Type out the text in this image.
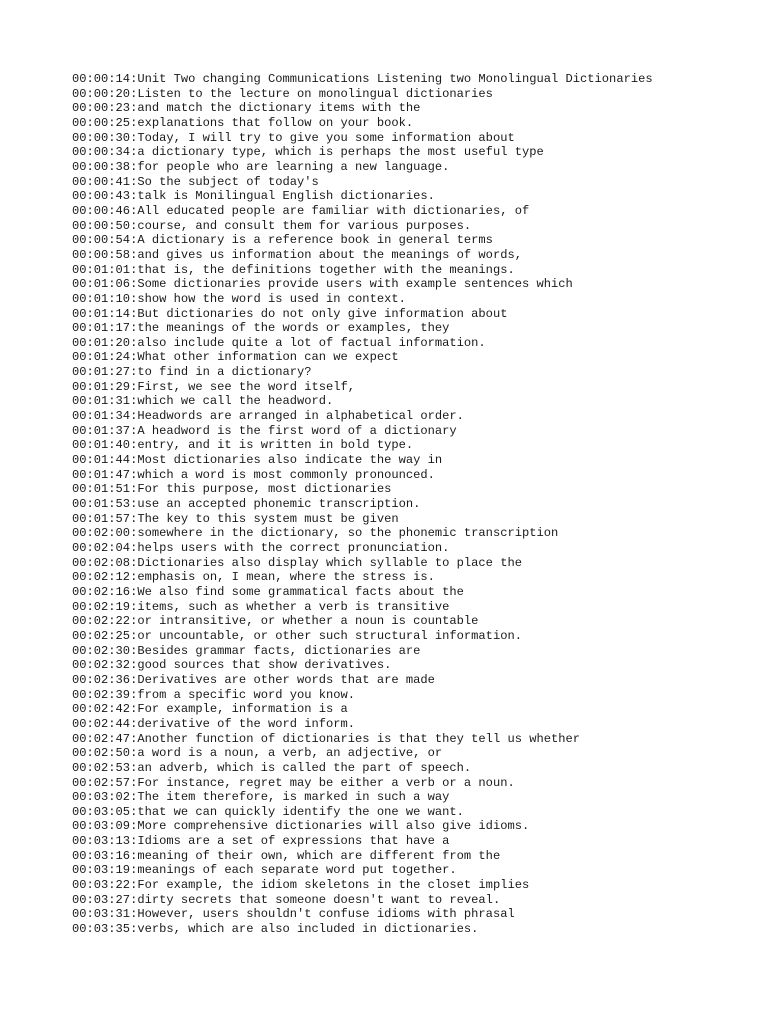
00:00:14:Unit Two changing Communications Listening two Monolingual Dictionaries
00:00:20:Listen to the lecture on monolingual dictionaries
00:00:23:and match the dictionary items with the
00:00:25:explanations that follow on your book.
00:00:30:Today, I will try to give you some information about
00:00:34:a dictionary type, which is perhaps the most useful type
00:00:38:for people who are learning a new language.
00:00:41:So the subject of today's
00:00:43:talk is Monilingual English dictionaries.
00:00:46:All educated people are familiar with dictionaries, of
00:00:50:course, and consult them for various purposes.
00:00:54:A dictionary is a reference book in general terms
00:00:58:and gives us information about the meanings of words,
00:01:01:that is, the definitions together with the meanings.
00:01:06:Some dictionaries provide users with example sentences which
00:01:10:show how the word is used in context.
00:01:14:But dictionaries do not only give information about
00:01:17:the meanings of the words or examples, they
00:01:20:also include quite a lot of factual information.
00:01:24:What other information can we expect
00:01:27:to find in a dictionary?
00:01:29:First, we see the word itself,
00:01:31:which we call the headword.
00:01:34:Headwords are arranged in alphabetical order.
00:01:37:A headword is the first word of a dictionary
00:01:40:entry, and it is written in bold type.
00:01:44:Most dictionaries also indicate the way in
00:01:47:which a word is most commonly pronounced.
00:01:51:For this purpose, most dictionaries
00:01:53:use an accepted phonemic transcription.
00:01:57:The key to this system must be given
00:02:00:somewhere in the dictionary, so the phonemic transcription
00:02:04:helps users with the correct pronunciation.
00:02:08:Dictionaries also display which syllable to place the
00:02:12:emphasis on, I mean, where the stress is.
00:02:16:We also find some grammatical facts about the
00:02:19:items, such as whether a verb is transitive
00:02:22:or intransitive, or whether a noun is countable
00:02:25:or uncountable, or other such structural information.
00:02:30:Besides grammar facts, dictionaries are
00:02:32:good sources that show derivatives.
00:02:36:Derivatives are other words that are made
00:02:39:from a specific word you know.
00:02:42:For example, information is a
00:02:44:derivative of the word inform.
00:02:47:Another function of dictionaries is that they tell us whether
00:02:50:a word is a noun, a verb, an adjective, or
00:02:53:an adverb, which is called the part of speech.
00:02:57:For instance, regret may be either a verb or a noun.
00:03:02:The item therefore, is marked in such a way
00:03:05:that we can quickly identify the one we want.
00:03:09:More comprehensive dictionaries will also give idioms.
00:03:13:Idioms are a set of expressions that have a
00:03:16:meaning of their own, which are different from the
00:03:19:meanings of each separate word put together.
00:03:22:For example, the idiom skeletons in the closet implies
00:03:27:dirty secrets that someone doesn't want to reveal.
00:03:31:However, users shouldn't confuse idioms with phrasal
00:03:35:verbs, which are also included in dictionaries.
